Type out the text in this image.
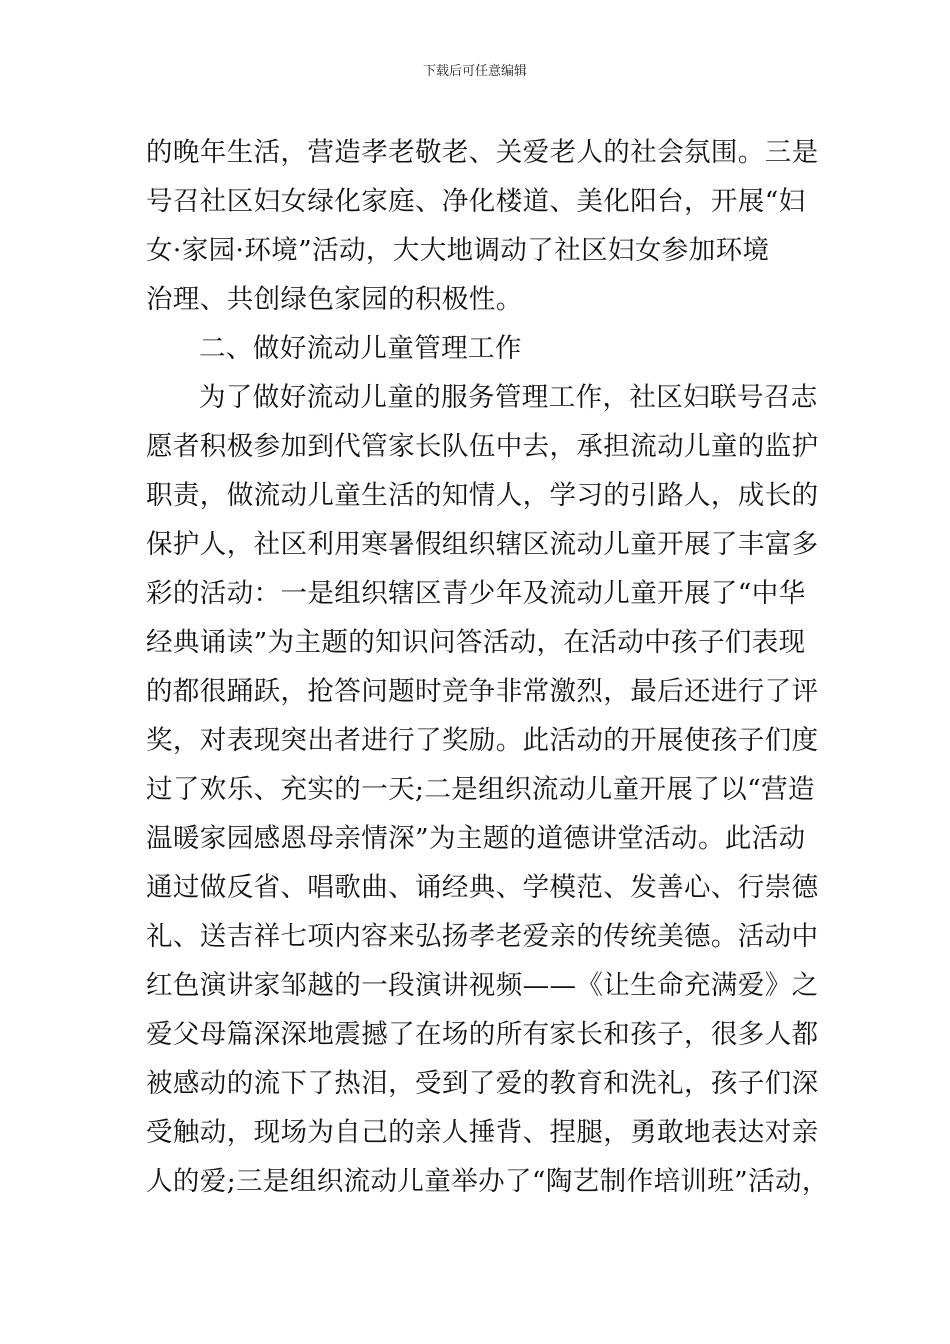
下载后可任意编辑
的晚年生活，营造孝老敬老、关爱老人的社会氛围。三是
号召社区妇女绿化家庭、净化楼道、美化阳台，开展“妇
女·家园·环境”活动，大大地调动了社区妇女参加环境
治理、共创绿色家园的积极性。
二、做好流动儿童管理工作
为了做好流动儿童的服务管理工作，社区妇联号召志
愿者积极参加到代管家长队伍中去，承担流动儿童的监护
职责，做流动儿童生活的知情人，学习的引路人，成长的
保护人，社区利用寒暑假组织辖区流动儿童开展了丰富多
彩的活动：一是组织辖区青少年及流动儿童开展了“中华
经典诵读”为主题的知识问答活动，在活动中孩子们表现
的都很踊跃，抢答问题时竞争非常激烈，最后还进行了评
奖，对表现突出者进行了奖励。此活动的开展使孩子们度
过了欢乐、充实的一天;二是组织流动儿童开展了以“营造
温暖家园感恩母亲情深”为主题的道德讲堂活动。此活动
通过做反省、唱歌曲、诵经典、学模范、发善心、行崇德
礼、送吉祥七项内容来弘扬孝老爱亲的传统美德。活动中
红色演讲家邹越的一段演讲视频——《让生命充满爱》之
爱父母篇深深地震撼了在场的所有家长和孩子，很多人都
被感动的流下了热泪，受到了爱的教育和洗礼，孩子们深
受触动，现场为自己的亲人捶背、捏腿，勇敢地表达对亲
人的爱;三是组织流动儿童举办了“陶艺制作培训班”活动，
